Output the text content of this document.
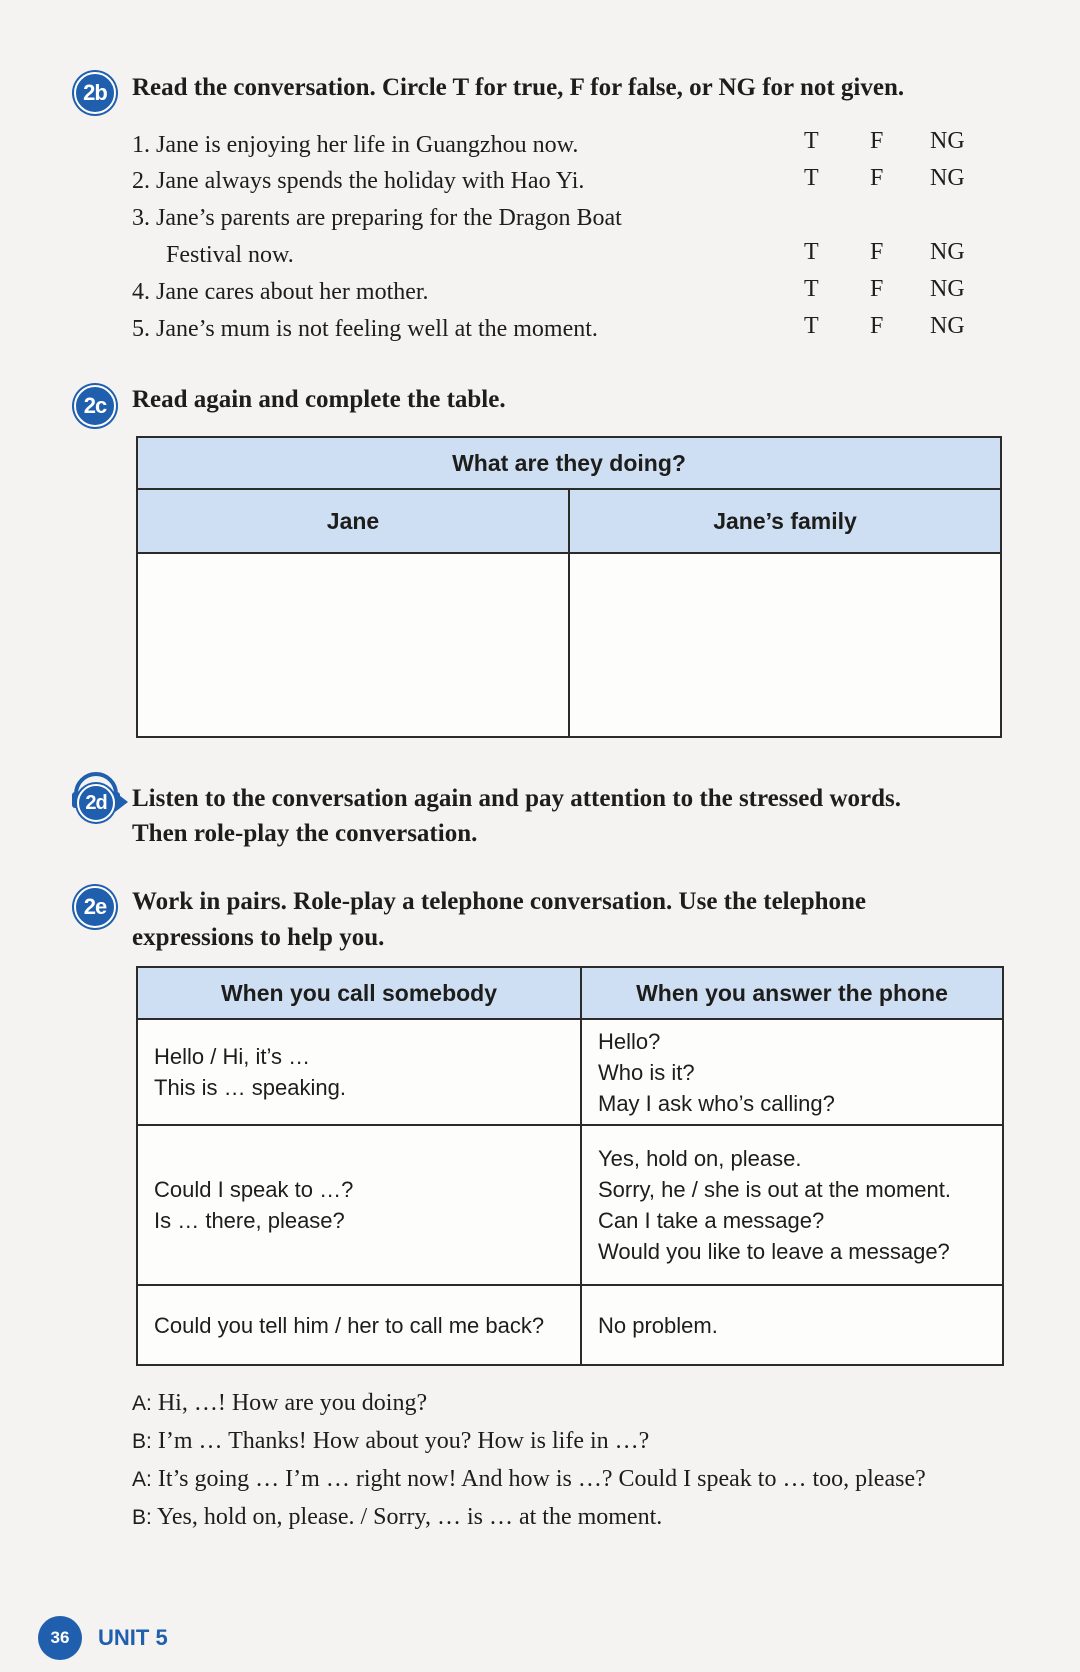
2b	Read the conversation. Circle T for true, F for false, or NG for not given.
1. Jane is enjoying her life in Guangzhou now.	T F NG
2. Jane always spends the holiday with Hao Yi.	T F NG
3. Jane’s parents are preparing for the Dragon Boat
Festival now.	T F NG
4. Jane cares about her mother.	T F NG
5. Jane’s mum is not feeling well at the moment.	T F NG
2c	Read again and complete the table.
What are they doing?	
Jane	Jane’s family

2d	Listen to the conversation again and pay attention to the stressed words.
Then role-play the conversation.
2e	Work in pairs. Role-play a telephone conversation. Use the telephone
expressions to help you.
When you call somebody	When you answer the phone

Hello / Hi, it’s …
This is … speaking.	Hello?
Who is it?
May I ask who’s calling?

Could I speak to …?
Is … there, please?	Yes, hold on, please.
Sorry, he / she is out at the moment.
Can I take a message?
Would you like to leave a message?

Could you tell him / her to call me back?	No problem.
A: Hi, …! How are you doing?
B: I’m … Thanks! How about you? How is life in …?
A: It’s going … I’m … right now! And how is …? Could I speak to … too, please?
B: Yes, hold on, please. / Sorry, … is … at the moment.
36	UNIT 5
